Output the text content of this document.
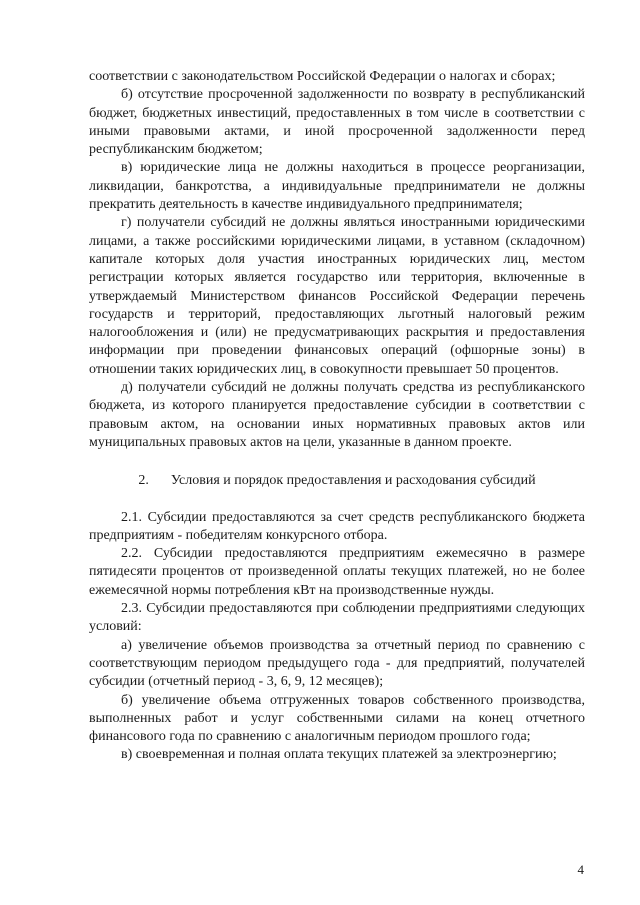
соответствии с законодательством Российской Федерации о налогах и сборах;

б) отсутствие просроченной задолженности по возврату в республиканский бюджет, бюджетных инвестиций, предоставленных в том числе в соответствии с иными правовыми актами, и иной просроченной задолженности перед республиканским бюджетом;

в) юридические лица не должны находиться в процессе реорганизации, ликвидации, банкротства, а индивидуальные предприниматели не должны прекратить деятельность в качестве индивидуального предпринимателя;

г) получатели субсидий не должны являться иностранными юридическими лицами, а также российскими юридическими лицами, в уставном (складочном) капитале которых доля участия иностранных юридических лиц, местом регистрации которых является государство или территория, включенные в утверждаемый Министерством финансов Российской Федерации перечень государств и территорий, предоставляющих льготный налоговый режим налогообложения и (или) не предусматривающих раскрытия и предоставления информации при проведении финансовых операций (офшорные зоны) в отношении таких юридических лиц, в совокупности превышает 50 процентов.

д) получатели субсидий не должны получать средства из республиканского бюджета, из которого планируется предоставление субсидии в соответствии с правовым актом, на основании иных нормативных правовых актов или муниципальных правовых актов на цели, указанные в данном проекте.

2. Условия и порядок предоставления и расходования субсидий

2.1. Субсидии предоставляются за счет средств республиканского бюджета предприятиям - победителям конкурсного отбора.

2.2. Субсидии предоставляются предприятиям ежемесячно в размере пятидесяти процентов от произведенной оплаты текущих платежей, но не более ежемесячной нормы потребления кВт на производственные нужды.

2.3. Субсидии предоставляются при соблюдении предприятиями следующих условий:

а) увеличение объемов производства за отчетный период по сравнению с соответствующим периодом предыдущего года - для предприятий, получателей субсидии (отчетный период - 3, 6, 9, 12 месяцев);

б) увеличение объема отгруженных товаров собственного производства, выполненных работ и услуг собственными силами на конец отчетного финансового года по сравнению с аналогичным периодом прошлого года;

в) своевременная и полная оплата текущих платежей за электроэнергию;

4
